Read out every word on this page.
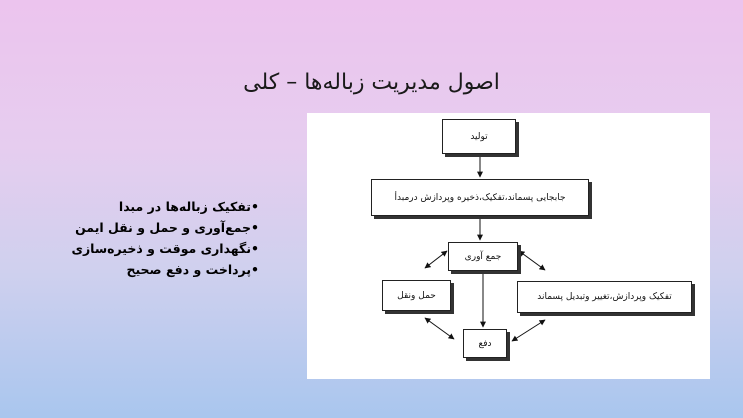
اصول مدیریت زباله‌ها – کلی
•تفکیک زباله‌ها در مبدا
•جمع‌آوری و حمل و نقل ایمن
•نگهداری موقت و ذخیره‌سازی
•پرداخت و دفع صحیح
تولید
جابجایی پسماند،تفکیک،ذخیره وپردازش درمبدأ
جمع آوری
حمل ونقل	تفکیک وپردازش،تغییر وتبدیل پسماند
دفع
